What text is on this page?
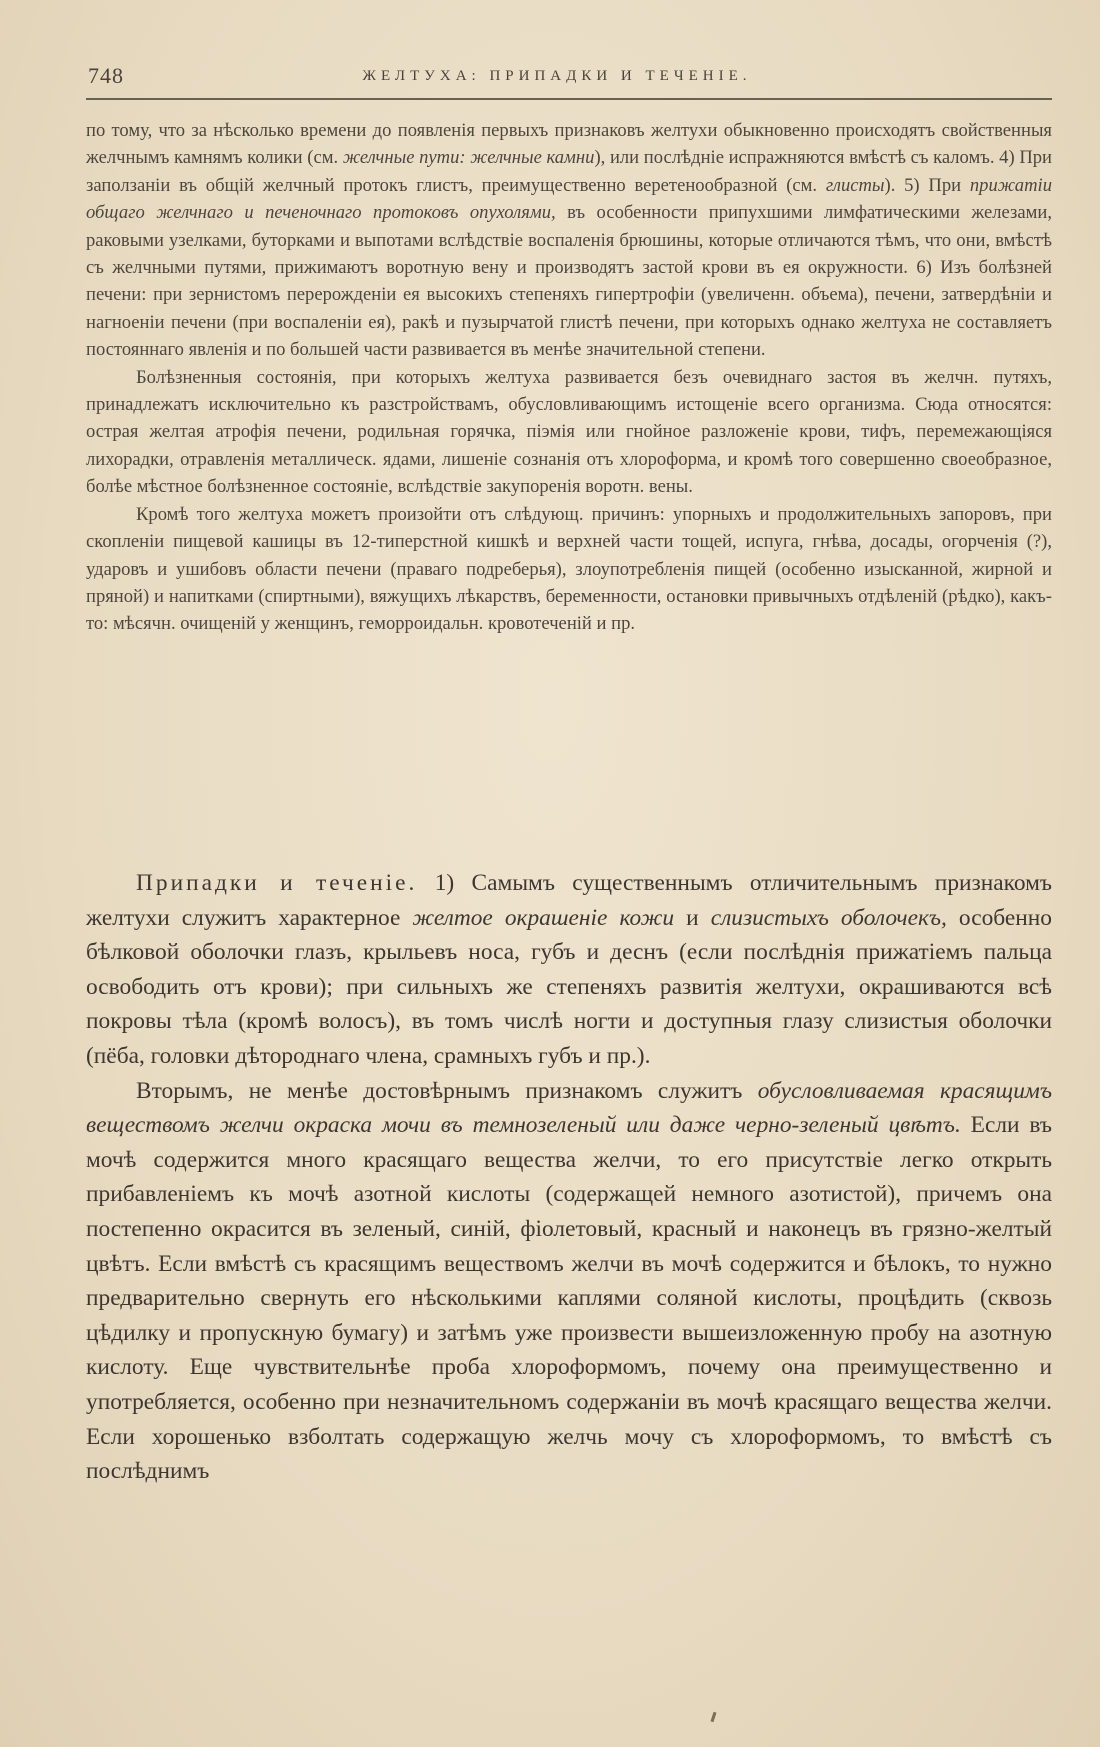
748	ЖЕЛТУХА: ПРИПАДКИ И ТЕЧЕНІЕ.

по тому, что за нѣсколько времени до появленія первыхъ признаковъ желтухи обыкновенно происходятъ свойственныя желчнымъ камнямъ колики (см. желчные пути: желчные камни), или послѣдніе испражняются вмѣстѣ съ каломъ. 4) При заползаніи въ общій желчный протокъ глистъ, преимущественно веретенообразной (см. глисты). 5) При прижатіи общаго желчнаго и печеночнаго протоковъ опухолями, въ особенности припухшими лимфатическими железами, раковыми узелками, буторками и выпотами вслѣдствіе воспаленія брюшины, которые отличаются тѣмъ, что они, вмѣстѣ съ желчными путями, прижимаютъ воротную вену и производятъ застой крови въ ея окружности. 6) Изъ болѣзней печени: при зернистомъ перерожденіи ея высокихъ степеняхъ гипертрофіи (увеличенн. объема), печени, затвердѣніи и нагноеніи печени (при воспаленіи ея), ракѣ и пузырчатой глистѣ печени, при которыхъ однако желтуха не составляетъ постояннаго явленія и по большей части развивается въ менѣе значительной степени.

Болѣзненныя состоянія, при которыхъ желтуха развивается безъ очевиднаго застоя въ желчн. путяхъ, принадлежатъ исключительно къ разстройствамъ, обусловливающимъ истощеніе всего организма. Сюда относятся: острая желтая атрофія печени, родильная горячка, піэмія или гнойное разложеніе крови, тифъ, перемежающіяся лихорадки, отравленія металлическ. ядами, лишеніе сознанія отъ хлороформа, и кромѣ того совершенно своеобразное, болѣе мѣстное болѣзненное состояніе, вслѣдствіе закупоренія воротн. вены.

Кромѣ того желтуха можетъ произойти отъ слѣдующ. причинъ: упорныхъ и продолжительныхъ запоровъ, при скопленіи пищевой кашицы въ 12-типерстной кишкѣ и верхней части тощей, испуга, гнѣва, досады, огорченія (?), ударовъ и ушибовъ области печени (праваго подреберья), злоупотребленія пищей (особенно изысканной, жирной и пряной) и напитками (спиртными), вяжущихъ лѣкарствъ, беременности, остановки привычныхъ отдѣленій (рѣдко), какъ-то: мѣсячн. очищеній у женщинъ, геморроидальн. кровотеченій и пр.

Припадки и теченіе. 1) Самымъ существеннымъ отличительнымъ признакомъ желтухи служитъ характерное желтое окрашеніе кожи и слизистыхъ оболочекъ, особенно бѣлковой оболочки глазъ, крыльевъ носа, губъ и деснъ (если послѣднія прижатіемъ пальца освободить отъ крови); при сильныхъ же степеняхъ развитія желтухи, окрашиваются всѣ покровы тѣла (кромѣ волосъ), въ томъ числѣ ногти и доступныя глазу слизистыя оболочки (пёба, головки дѣтороднаго члена, срамныхъ губъ и пр.).

Вторымъ, не менѣе достовѣрнымъ признакомъ служитъ обусловливаемая красящимъ веществомъ желчи окраска мочи въ темнозеленый или даже черно-зеленый цвѣтъ. Если въ мочѣ содержится много красящаго вещества желчи, то его присутствіе легко открыть прибавленіемъ къ мочѣ азотной кислоты (содержащей немного азотистой), причемъ она постепенно окрасится въ зеленый, синій, фіолетовый, красный и наконецъ въ грязно-желтый цвѣтъ. Если вмѣстѣ съ красящимъ веществомъ желчи въ мочѣ содержится и бѣлокъ, то нужно предварительно свернуть его нѣсколькими каплями соляной кислоты, процѣдить (сквозь цѣдилку и пропускную бумагу) и затѣмъ уже произвести вышеизложенную пробу на азотную кислоту. Еще чувствительнѣе проба хлороформомъ, почему она преимущественно и употребляется, особенно при незначительномъ содержаніи въ мочѣ красящаго вещества желчи. Если хорошенько взболтать содержащую желчь мочу съ хлороформомъ, то вмѣстѣ съ послѣднимъ
